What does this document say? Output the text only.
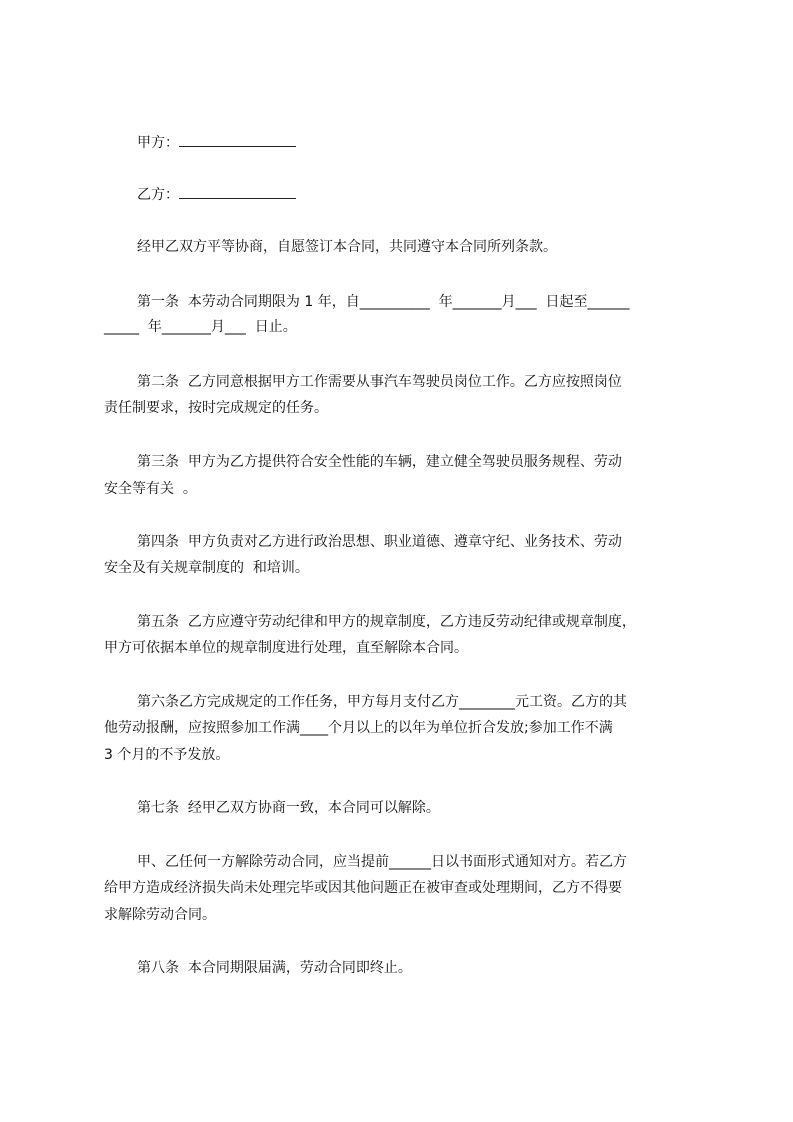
甲方：
乙方：
经甲乙双方平等协商，自愿签订本合同，共同遵守本合同所列条款。
第一条  本劳动合同期限为 1 年，自__________  年_______月___  日起至______
_____  年_______月___  日止。
第二条  乙方同意根据甲方工作需要从事汽车驾驶员岗位工作。乙方应按照岗位
责任制要求，按时完成规定的任务。
第三条  甲方为乙方提供符合安全性能的车辆，建立健全驾驶员服务规程、劳动
安全等有关  。
第四条  甲方负责对乙方进行政治思想、职业道德、遵章守纪、业务技术、劳动
安全及有关规章制度的  和培训。
第五条  乙方应遵守劳动纪律和甲方的规章制度，乙方违反劳动纪律或规章制度，
甲方可依据本单位的规章制度进行处理，直至解除本合同。
第六条乙方完成规定的工作任务，甲方每月支付乙方________元工资。乙方的其
他劳动报酬，应按照参加工作满____个月以上的以年为单位折合发放;参加工作不满
3 个月的不予发放。
第七条  经甲乙双方协商一致，本合同可以解除。
甲、乙任何一方解除劳动合同，应当提前______日以书面形式通知对方。若乙方
给甲方造成经济损失尚未处理完毕或因其他问题正在被审查或处理期间，乙方不得要
求解除劳动合同。
第八条  本合同期限届满，劳动合同即终止。
